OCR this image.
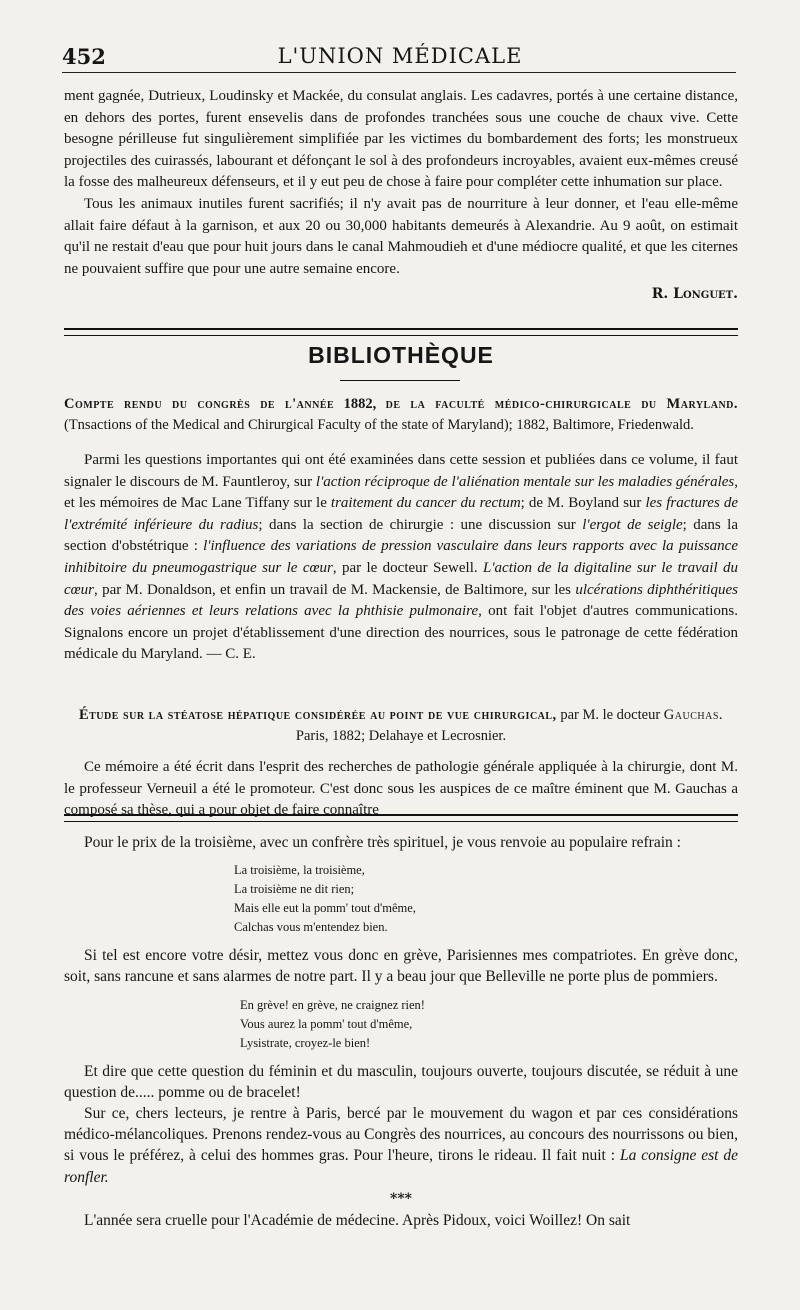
452	L'UNION MÉDICALE

ment gagnée, Dutrieux, Loudinsky et Mackée, du consulat anglais. Les cadavres, portés à une certaine distance, en dehors des portes, furent ensevelis dans de profondes tranchées sous une couche de chaux vive. Cette besogne périlleuse fut singulièrement simplifiée par les victimes du bombardement des forts; les monstrueux projectiles des cuirassés, labourant et défonçant le sol à des profondeurs incroyables, avaient eux-mêmes creusé la fosse des malheureux défenseurs, et il y eut peu de chose à faire pour compléter cette inhumation sur place.

Tous les animaux inutiles furent sacrifiés; il n'y avait pas de nourriture à leur donner, et l'eau elle-même allait faire défaut à la garnison, et aux 20 ou 30,000 habitants demeurés à Alexandrie. Au 9 août, on estimait qu'il ne restait d'eau que pour huit jours dans le canal Mahmoudieh et d'une médiocre qualité, et que les citernes ne pouvaient suffire que pour une autre semaine encore.

R. Longuet.

BIBLIOTHÈQUE

Compte rendu du congrès de l'année 1882, de la faculté médico-chirurgicale du Maryland. (Tnsactions of the Medical and Chirurgical Faculty of the state of Maryland); 1882, Baltimore, Friedenwald.

Parmi les questions importantes qui ont été examinées dans cette session et publiées dans ce volume, il faut signaler le discours de M. Fauntleroy, sur l'action réciproque de l'aliénation mentale sur les maladies générales, et les mémoires de Mac Lane Tiffany sur le traitement du cancer du rectum; de M. Boyland sur les fractures de l'extrémité inférieure du radius; dans la section de chirurgie : une discussion sur l'ergot de seigle; dans la section d'obstétrique : l'influence des variations de pression vasculaire dans leurs rapports avec la puissance inhibitoire du pneumogastrique sur le cœur, par le docteur Sewell. L'action de la digitaline sur le travail du cœur, par M. Donaldson, et enfin un travail de M. Mackensie, de Baltimore, sur les ulcérations diphthéritiques des voies aériennes et leurs relations avec la phthisie pulmonaire, ont fait l'objet d'autres communications. Signalons encore un projet d'établissement d'une direction des nourrices, sous le patronage de cette fédération médicale du Maryland. — C. E.

Étude sur la stéatose hépatique considérée au point de vue chirurgical, par M. le docteur Gauchas. Paris, 1882; Delahaye et Lecrosnier.

Ce mémoire a été écrit dans l'esprit des recherches de pathologie générale appliquée à la chirurgie, dont M. le professeur Verneuil a été le promoteur. C'est donc sous les auspices de ce maître éminent que M. Gauchas a composé sa thèse, qui a pour objet de faire connaître

Pour le prix de la troisième, avec un confrère très spirituel, je vous renvoie au populaire refrain :

La troisième, la troisième,
La troisième ne dit rien;
Mais elle eut la pomm' tout d'même,
Calchas vous m'entendez bien.

Si tel est encore votre désir, mettez vous donc en grève, Parisiennes mes compatriotes. En grève donc, soit, sans rancune et sans alarmes de notre part. Il y a beau jour que Belleville ne porte plus de pommiers.

En grève! en grève, ne craignez rien!
Vous aurez la pomm' tout d'même,
Lysistrate, croyez-le bien!

Et dire que cette question du féminin et du masculin, toujours ouverte, toujours discutée, se réduit à une question de..... pomme ou de bracelet!

Sur ce, chers lecteurs, je rentre à Paris, bercé par le mouvement du wagon et par ces considérations médico-mélancoliques. Prenons rendez-vous au Congrès des nourrices, au concours des nourrissons ou bien, si vous le préférez, à celui des hommes gras. Pour l'heure, tirons le rideau. Il fait nuit : La consigne est de ronfler.

*⁠**

L'année sera cruelle pour l'Académie de médecine. Après Pidoux, voici Woillez! On sait
